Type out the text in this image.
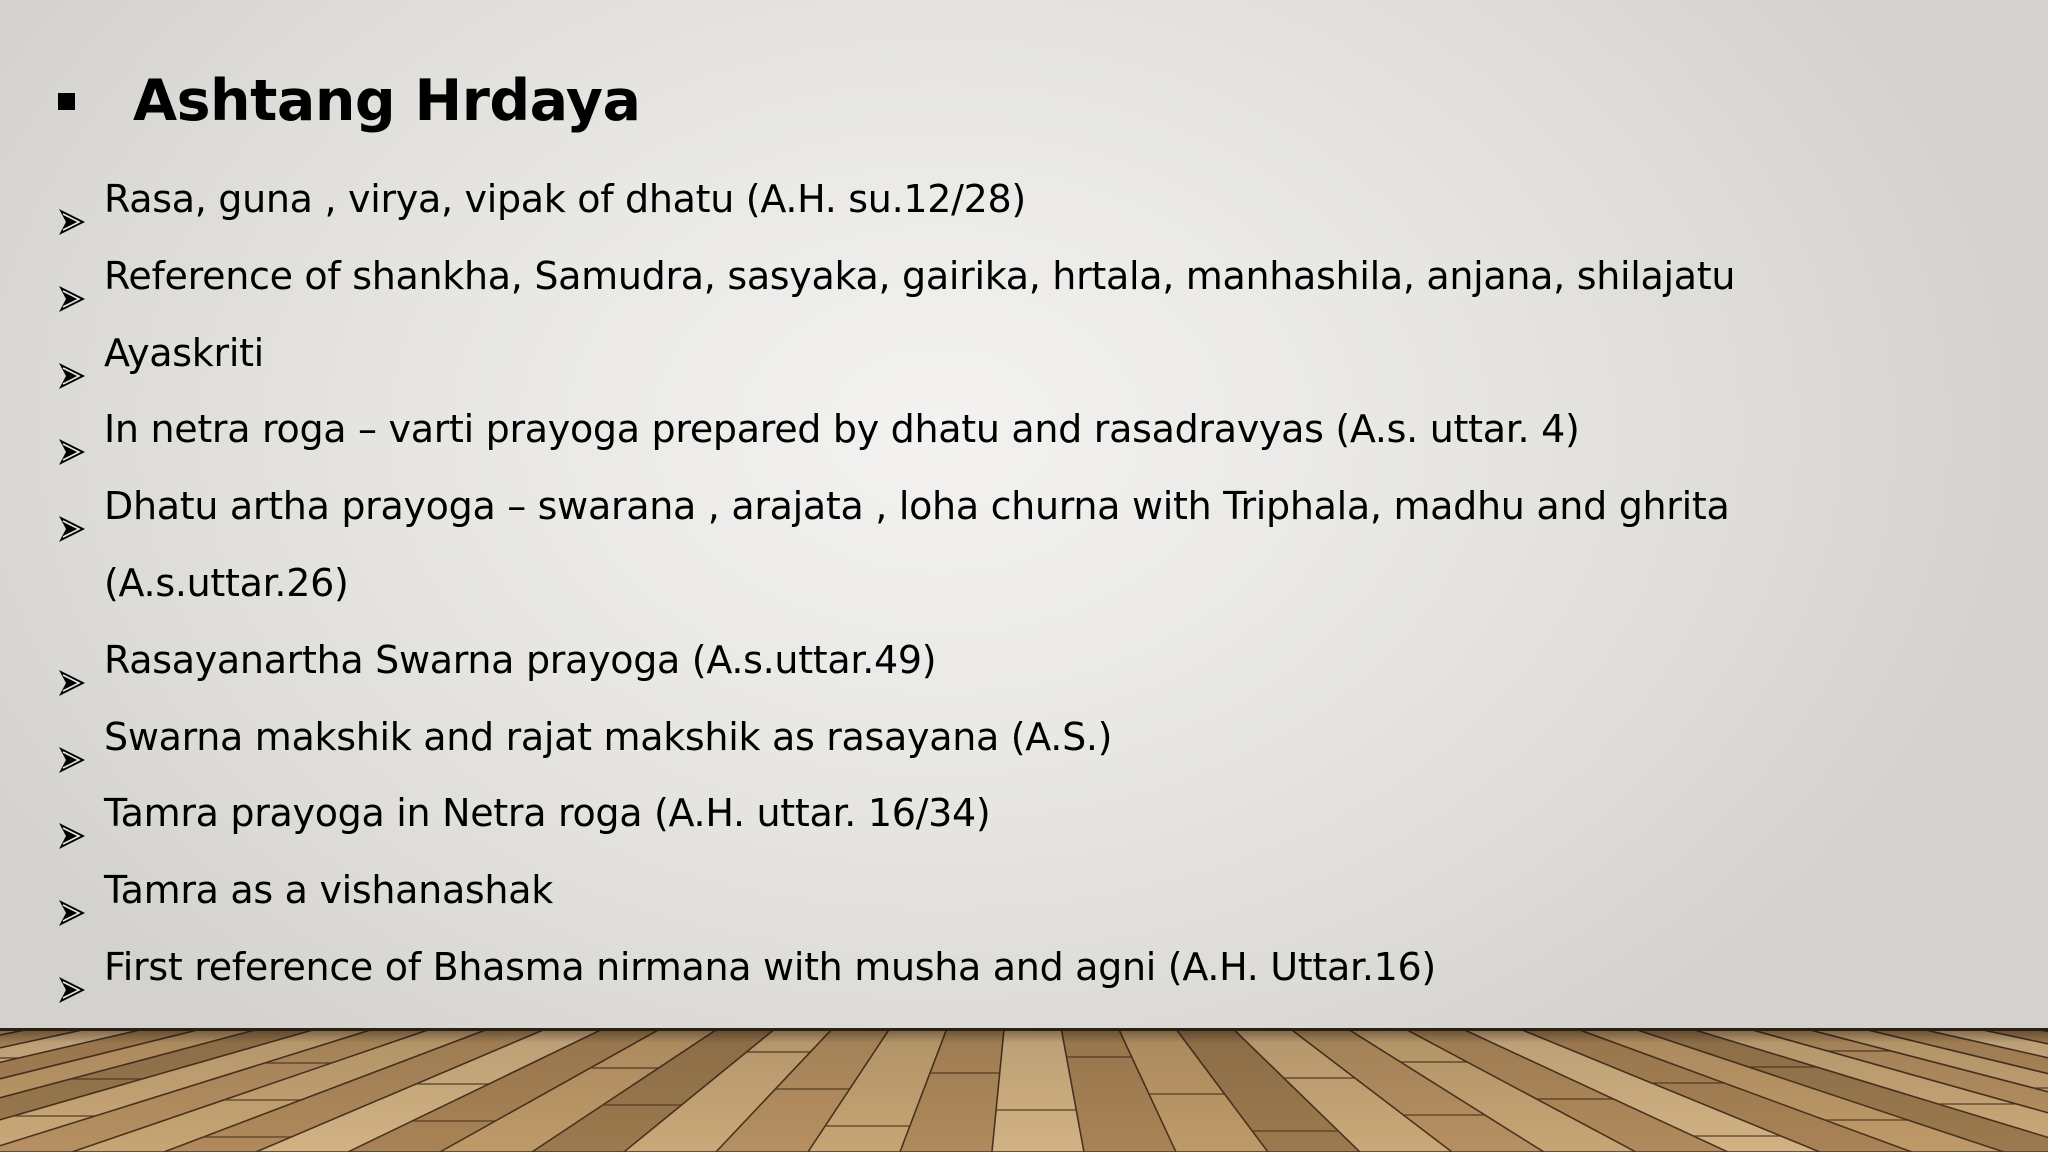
Ashtang Hrdaya
Rasa, guna , virya, vipak of dhatu (A.H. su.12/28)
Reference of shankha, Samudra, sasyaka, gairika, hrtala, manhashila, anjana, shilajatu
Ayaskriti
In netra roga – varti prayoga prepared by dhatu and rasadravyas (A.s. uttar. 4)
Dhatu artha prayoga – swarana , arajata , loha churna with Triphala, madhu and ghrita
(A.s.uttar.26)
Rasayanartha Swarna prayoga (A.s.uttar.49)
Swarna makshik and rajat makshik as rasayana (A.S.)
Tamra prayoga in Netra roga (A.H. uttar. 16/34)
Tamra as a vishanashak
First reference of Bhasma nirmana with musha and agni (A.H. Uttar.16)
